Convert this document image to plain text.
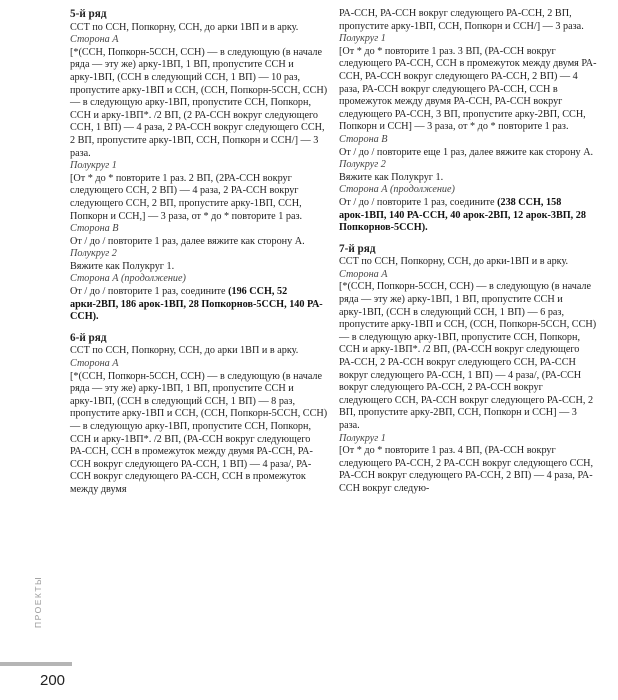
5-й ряд

ССТ по ССН, Попкорну, ССН, до арки 1ВП и в арку.

Сторона А

[*(ССН, Попкорн-5ССН, ССН) — в следующую (в начале ряда — эту же) арку-1ВП, 1 ВП, пропустите ССН и арку-1ВП, (ССН в следующий ССН, 1 ВП) — 10 раз, пропустите арку-1ВП и ССН, (ССН, Попкорн-5ССН, ССН) — в следующую арку-1ВП, пропустите ССН, Попкорн, ССН и арку-1ВП*. /2 ВП, (2 РА-ССН вокруг следующего ССН, 1 ВП) — 4 раза, 2 РА-ССН вокруг следующего ССН, 2 ВП, пропустите арку-1ВП, ССН, Попкорн и ССН/] — 3 раза.

Полукруг 1

[От * до * повторите 1 раз. 2 ВП, (2РА-ССН вокруг следующего ССН, 2 ВП) — 4 раза, 2 РА-ССН вокруг следующего ССН, 2 ВП, пропустите арку-1ВП, ССН, Попкорн и ССН,] — 3 раза, от * до * повторите 1 раз.

Сторона В

От / до / повторите 1 раз, далее вяжите как сторону А.

Полукруг 2

Вяжите как Полукруг 1.

Сторона А (продолжение)

От / до / повторите 1 раз, соедините (196 ССН, 52 арки-2ВП, 186 арок-1ВП, 28 Попкорнов-5ССН, 140 РА-ССН).

6-й ряд

ССТ по ССН, Попкорну, ССН, до арки 1ВП и в арку.

Сторона А

[*(ССН, Попкорн-5ССН, ССН) — в следующую (в начале ряда — эту же) арку-1ВП, 1 ВП, пропустите ССН и арку-1ВП, (ССН в следующий ССН, 1 ВП) — 8 раз, пропустите арку-1ВП и ССН, (ССН, Попкорн-5ССН, ССН) — в следующую арку-1ВП, пропустите ССН, Попкорн, ССН и арку-1ВП*. /2 ВП, (РА-ССН вокруг следующего РА-ССН, ССН в промежуток между двумя РА-ССН, РА-ССН вокруг следующего РА-ССН, 1 ВП) — 4 раза/, РА-ССН вокруг следующего РА-ССН, ССН в промежуток между двумя

РА-ССН, РА-ССН вокруг следующего РА-ССН, 2 ВП, пропустите арку-1ВП, ССН, Попкорн и ССН/] — 3 раза.

Полукруг 1

[От * до * повторите 1 раз. 3 ВП, (РА-ССН вокруг следующего РА-ССН, ССН в промежуток между двумя РА-ССН, РА-ССН вокруг следующего РА-ССН, 2 ВП) — 4 раза, РА-ССН вокруг следующего РА-ССН, ССН в промежуток между двумя РА-ССН, РА-ССН вокруг следующего РА-ССН, 3 ВП, пропустите арку-2ВП, ССН, Попкорн и ССН] — 3 раза, от * до * повторите 1 раз.

Сторона В

От / до / повторите еще 1 раз, далее вяжите как сторону А.

Полукруг 2

Вяжите как Полукруг 1.

Сторона А (продолжение)

От / до / повторите 1 раз, соедините (238 ССН, 158 арок-1ВП, 140 РА-ССН, 40 арок-2ВП, 12 арок-3ВП, 28 Попкорнов-5ССН).

7-й ряд

ССТ по ССН, Попкорну, ССН, до арки-1ВП и в арку.

Сторона А

[*(ССН, Попкорн-5ССН, ССН) — в следующую (в начале ряда — эту же) арку-1ВП, 1 ВП, пропустите ССН и арку-1ВП, (ССН в следующий ССН, 1 ВП) — 6 раз, пропустите арку-1ВП и ССН, (ССН, Попкорн-5ССН, ССН) — в следующую арку-1ВП, пропустите ССН, Попкорн, ССН и арку-1ВП*. /2 ВП, (РА-ССН вокруг следующего РА-ССН, 2 РА-ССН вокруг следующего ССН, РА-ССН вокруг следующего РА-ССН, 1 ВП) — 4 раза/, (РА-ССН вокруг следующего РА-ССН, 2 РА-ССН вокруг следующего ССН, РА-ССН вокруг следующего РА-ССН, 2 ВП, пропустите арку-2ВП, ССН, Попкорн и ССН] — 3 раза.

Полукруг 1

[От * до * повторите 1 раз. 4 ВП, (РА-ССН вокруг следующего РА-ССН, 2 РА-ССН вокруг следующего ССН, РА-ССН вокруг следующего РА-ССН, 2 ВП) — 4 раза, РА-ССН вокруг следую-

ПРОЕКТЫ
200
